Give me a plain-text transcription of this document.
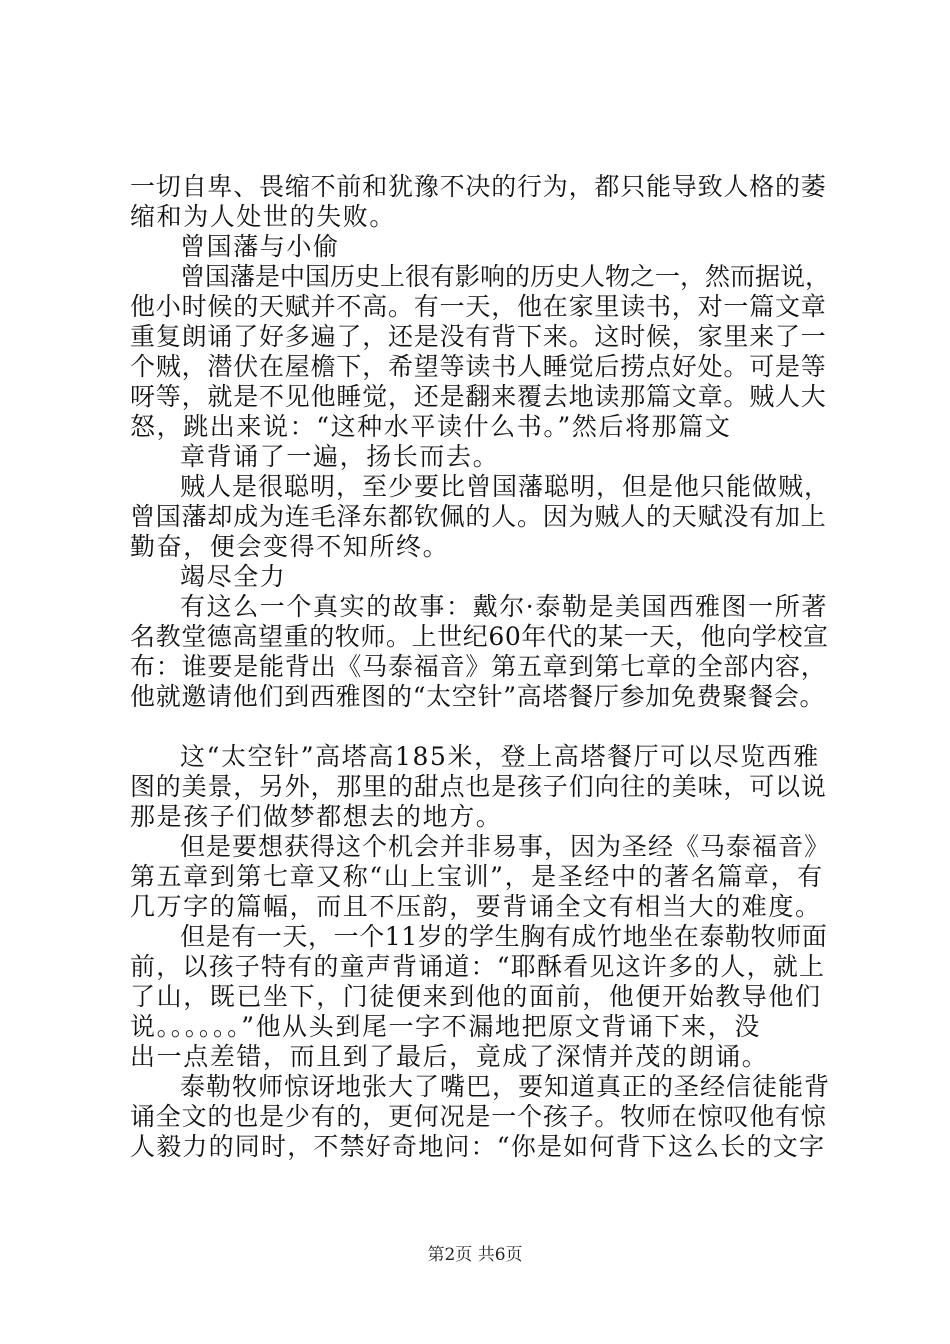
一切自卑、畏缩不前和犹豫不决的行为，都只能导致人格的萎
缩和为人处世的失败。
曾国藩与小偷
曾国藩是中国历史上很有影响的历史人物之一，然而据说，
他小时候的天赋并不高。有一天，他在家里读书，对一篇文章
重复朗诵了好多遍了，还是没有背下来。这时候，家里来了一
个贼，潜伏在屋檐下，希望等读书人睡觉后捞点好处。可是等
呀等，就是不见他睡觉，还是翻来覆去地读那篇文章。贼人大
怒，跳出来说：“这种水平读什么书。”然后将那篇文
章背诵了一遍，扬长而去。
贼人是很聪明，至少要比曾国藩聪明，但是他只能做贼，
曾国藩却成为连毛泽东都钦佩的人。因为贼人的天赋没有加上
勤奋，便会变得不知所终。
竭尽全力
有这么一个真实的故事：戴尔·泰勒是美国西雅图一所著
名教堂德高望重的牧师。上世纪60年代的某一天，他向学校宣
布：谁要是能背出《马泰福音》第五章到第七章的全部内容，
他就邀请他们到西雅图的“太空针”高塔餐厅参加免费聚餐会。
这“太空针”高塔高185米，登上高塔餐厅可以尽览西雅
图的美景，另外，那里的甜点也是孩子们向往的美味，可以说
那是孩子们做梦都想去的地方。
但是要想获得这个机会并非易事，因为圣经《马泰福音》
第五章到第七章又称“山上宝训”，是圣经中的著名篇章，有
几万字的篇幅，而且不压韵，要背诵全文有相当大的难度。
但是有一天，一个11岁的学生胸有成竹地坐在泰勒牧师面
前，以孩子特有的童声背诵道：“耶酥看见这许多的人，就上
了山，既已坐下，门徒便来到他的面前，他便开始教导他们
说。。。。。。”他从头到尾一字不漏地把原文背诵下来，没
出一点差错，而且到了最后，竟成了深情并茂的朗诵。
泰勒牧师惊讶地张大了嘴巴，要知道真正的圣经信徒能背
诵全文的也是少有的，更何况是一个孩子。牧师在惊叹他有惊
人毅力的同时，不禁好奇地问：“你是如何背下这么长的文字
第2页 共6页
